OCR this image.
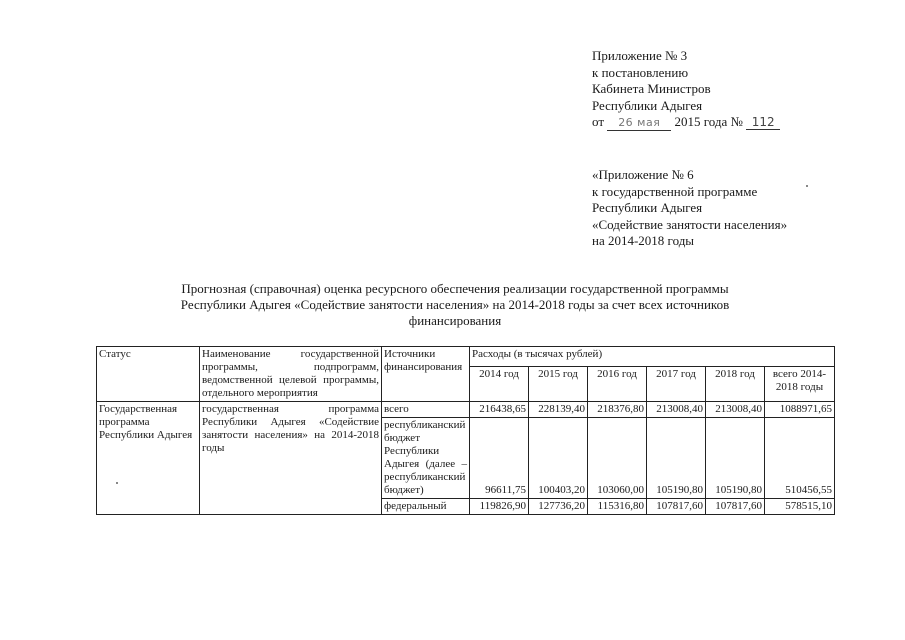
Приложение № 3
к постановлению
Кабинета Министров
Республики Адыгея
от 26 мая 2015 года № 112
«Приложение № 6
к государственной программе
Республики Адыгея
«Содействие занятости населения»
на 2014-2018 годы
Прогнозная (справочная) оценка ресурсного обеспечения реализации государственной программы
Республики Адыгея «Содействие занятости населения» на 2014-2018 годы за счет всех источников
финансирования
Статус	Наименование государственной программы, подпрограмм, ведомственной целевой программы, отдельного мероприятия	Источники финансирования	Расходы (в тысячах рублей)					
			2014 год	2015 год	2016 год	2017 год	2018 год	всего 2014-2018 годы
Государственная программа Республики Адыгея	государственная программа Республики Адыгея «Содействие занятости населения» на 2014-2018 годы	всего	216438,65	228139,40	218376,80	213008,40	213008,40	1088971,65
		республиканский бюджет Республики Адыгея (далее – республиканский бюджет)	96611,75	100403,20	103060,00	105190,80	105190,80	510456,55
		федеральный	119826,90	127736,20	115316,80	107817,60	107817,60	578515,10
